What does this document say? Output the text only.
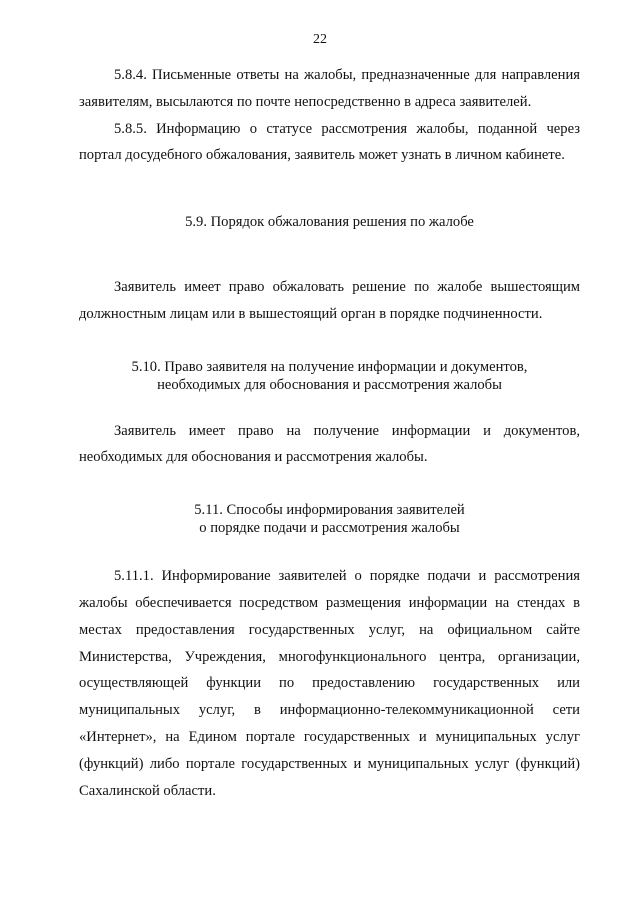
22

5.8.4. Письменные ответы на жалобы, предназначенные для направления заявителям, высылаются по почте непосредственно в адреса заявителей.

5.8.5. Информацию о статусе рассмотрения жалобы, поданной через портал досудебного обжалования, заявитель может узнать в личном кабинете.

5.9. Порядок обжалования решения по жалобе

Заявитель имеет право обжаловать решение по жалобе вышестоящим должностным лицам или в вышестоящий орган в порядке подчиненности.

5.10. Право заявителя на получение информации и документов,
необходимых для обоснования и рассмотрения жалобы

Заявитель имеет право на получение информации и документов, необходимых для обоснования и рассмотрения жалобы.

5.11. Способы информирования заявителей
о порядке подачи и рассмотрения жалобы

5.11.1. Информирование заявителей о порядке подачи и рассмотрения жалобы обеспечивается посредством размещения информации на стендах в местах предоставления государственных услуг, на официальном сайте Министерства, Учреждения, многофункционального центра, организации, осуществляющей функции по предоставлению государственных или муниципальных услуг, в информационно-телекоммуникационной сети «Интернет», на Едином портале государственных и муниципальных услуг (функций) либо портале государственных и муниципальных услуг (функций) Сахалинской области.
